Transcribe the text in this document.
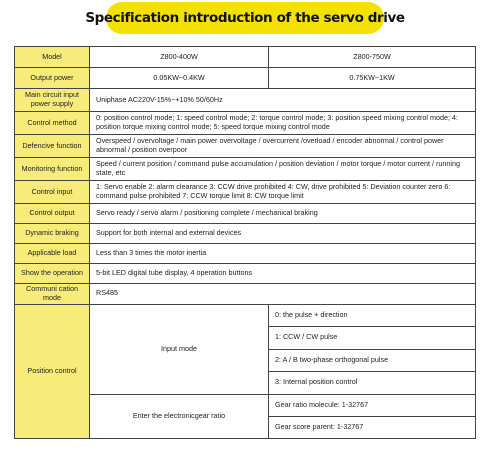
Specification introduction of the servo drive
Model	Z800-400W	Z800-750W
Output power	0.05KW~0.4KW	0.75KW~1KW
Main circuit input power supply	Uniphase AC220V-15%~+10% 50/60Hz	
Control method	0: position control mode; 1: speed control mode; 2: torque control mode; 3: position speed mixing control mode; 4: position torque mixing control mode; 5: speed torque mixing control mode	
Defencive function	Overspeed / overvoltage / main power overvoltage / overcurrent /overload / encoder abnormal / control power abnormal / position overpoor	
Monitoring function	Speed / current position / command pulse accumulation / position deviation / motor torque / motor current / running state, etc	
Control input	1: Servo enable 2: alarm clearance 3: CCW drive prohibited 4: CW, drive prohibited 5: Deviation counter zero 6: command pulse prohibited 7: CCW torque limit 8: CW torque limit	
Control output	Servo ready / servo alarm / positioning complete / mechanical braking	
Dynamic braking	Support for both internal and external devices	
Applicable load	Less than 3 times the motor inertia	
Show the operation	5-bit LED digital tube display, 4 operation buttons	
Communi cation mode	RS485	
Position control	Input mode	0: the pulse + direction
		1: CCW / CW pulse
		2: A / B two-phase orthogonal pulse
		3: Internal position control
	Enter the electronicgear ratio	Gear ratio molecule: 1-32767
		Gear score parent: 1-32767
